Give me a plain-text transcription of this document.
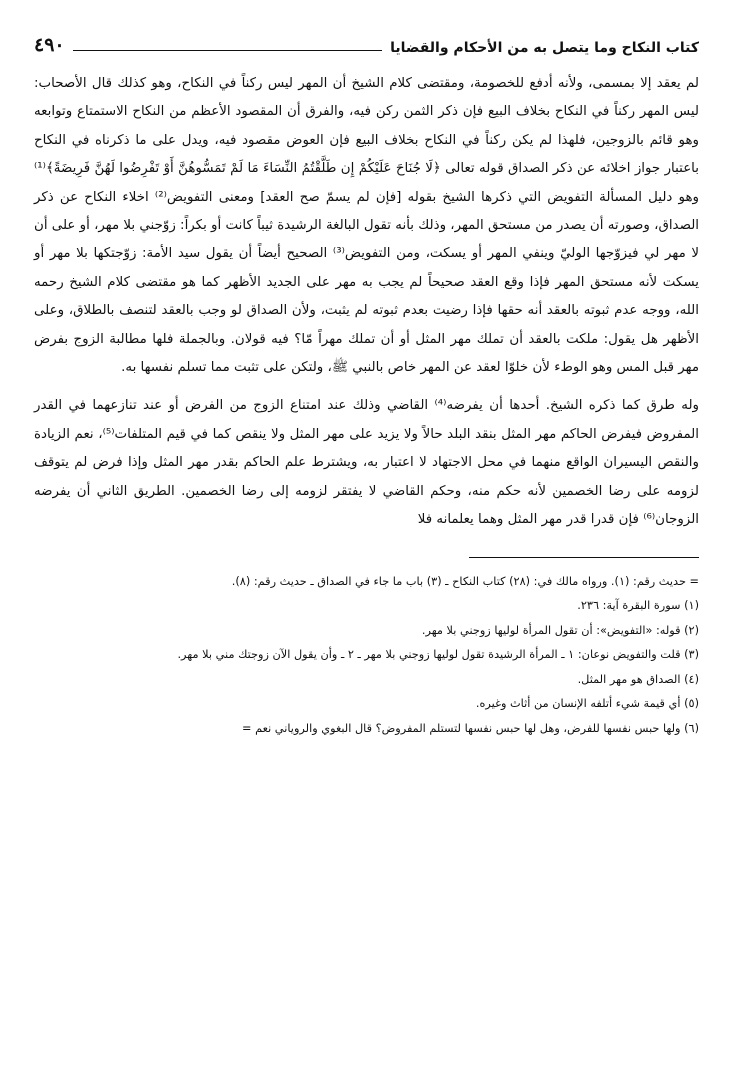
كتاب النكاح وما يتصل به من الأحكام والقضايا
٤٩٠

لم يعقد إلا بمسمى، ولأنه أدفع للخصومة، ومقتضى كلام الشيخ أن المهر ليس ركناً في النكاح، وهو كذلك قال الأصحاب: ليس المهر ركناً في النكاح بخلاف البيع فإن ذكر الثمن ركن فيه، والفرق أن المقصود الأعظم من النكاح الاستمتاع وتوابعه وهو قائم بالزوجين، فلهذا لم يكن ركناً في النكاح بخلاف البيع فإن العوض مقصود فيه، ويدل على ما ذكرناه في النكاح باعتبار جواز اخلائه عن ذكر الصداق قوله تعالى ﴿لَا جُنَاحَ عَلَيْكُمْ إِن طَلَّقْتُمُ النِّسَاءَ مَا لَمْ تَمَسُّوهُنَّ أَوْ تَفْرِضُوا لَهُنَّ فَرِيضَةً﴾⁽¹⁾ وهو دليل المسألة التفويض التي ذكرها الشيخ بقوله [فإن لم يسمّ صح العقد] ومعنى التفويض⁽²⁾ اخلاء النكاح عن ذكر الصداق، وصورته أن يصدر من مستحق المهر، وذلك بأنه تقول البالغة الرشيدة ثيباً كانت أو بكراً: زوّجني بلا مهر، أو على أن لا مهر لي فيزوّجها الوليّ وينفي المهر أو يسكت، ومن التفويض⁽³⁾ الصحيح أيضاً أن يقول سيد الأمة: زوّجتكها بلا مهر أو يسكت لأنه مستحق المهر فإذا وقع العقد صحيحاً لم يجب به مهر على الجديد الأظهر كما هو مقتضى كلام الشيخ رحمه الله، ووجه عدم ثبوته بالعقد أنه حقها فإذا رضيت بعدم ثبوته لم يثبت، ولأن الصداق لو وجب بالعقد لتنصف بالطلاق، وعلى الأظهر هل يقول: ملكت بالعقد أن تملك مهر المثل أو أن تملك مهراً مّا؟ فيه قولان. وبالجملة فلها مطالبة الزوج بفرض مهر قبل المس وهو الوطء لأن خلوّا لعقد عن المهر خاص بالنبي ﷺ، ولتكن على تثبت مما تسلم نفسها به.

وله طرق كما ذكره الشيخ. أحدها أن يفرضه⁽⁴⁾ القاضي وذلك عند امتناع الزوج من الفرض أو عند تنازعهما في القدر المفروض فيفرض الحاكم مهر المثل بنقد البلد حالاً ولا يزيد على مهر المثل ولا ينقص كما في قيم المتلفات⁽⁵⁾، نعم الزيادة والنقص اليسيران الواقع منهما في محل الاجتهاد لا اعتبار به، ويشترط علم الحاكم بقدر مهر المثل وإذا فرض لم يتوقف لزومه على رضا الخصمين لأنه حكم منه، وحكم القاضي لا يفتقر لزومه إلى رضا الخصمين. الطريق الثاني أن يفرضه الزوجان⁽⁶⁾ فإن قدرا قدر مهر المثل وهما يعلمانه فلا

= حديث رقم: (١). ورواه مالك في: (٢٨) كتاب النكاح ـ (٣) باب ما جاء في الصداق ـ حديث رقم: (٨).

(١) سورة البقرة آية: ٢٣٦.

(٢) قوله: «التفويض»: أن تقول المرأة لوليها زوجني بلا مهر.

(٣) قلت والتفويض نوعان: ١ ـ المرأة الرشيدة تقول لوليها زوجني بلا مهر ـ ٢ ـ وأن يقول الآن زوجتك مني بلا مهر.

(٤) الصداق هو مهر المثل.

(٥) أي قيمة شيء أتلفه الإنسان من أثاث وغيره.

(٦) ولها حبس نفسها للفرض، وهل لها حبس نفسها لتستلم المفروض؟ قال البغوي والروياني نعم =
